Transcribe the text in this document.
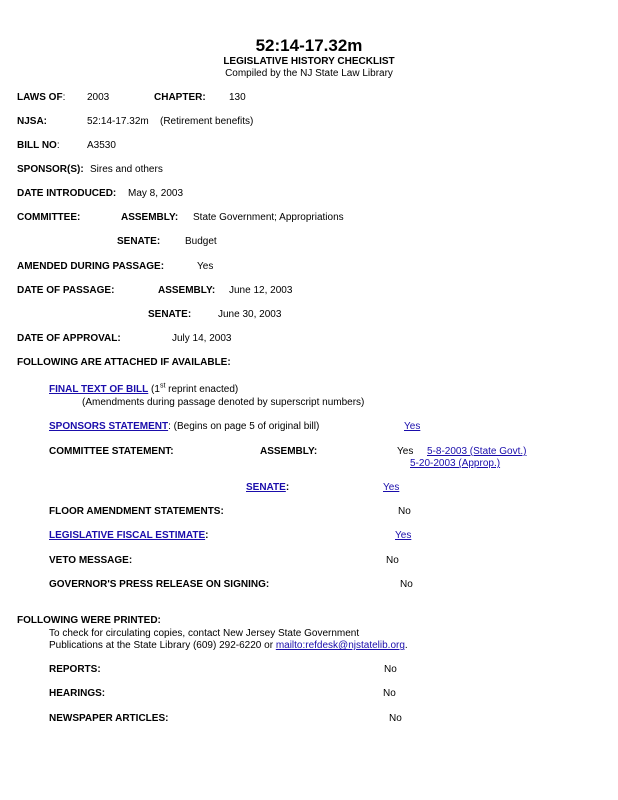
52:14-17.32m
LEGISLATIVE HISTORY CHECKLIST
Compiled by the NJ State Law Library
LAWS OF: 2003	CHAPTER: 130
NJSA:	52:14-17.32m (Retirement benefits)
BILL NO:	A3530
SPONSOR(S): Sires and others
DATE INTRODUCED: May 8, 2003
COMMITTEE:	ASSEMBLY: State Government; Appropriations
SENATE: Budget
AMENDED DURING PASSAGE:	Yes
DATE OF PASSAGE:	ASSEMBLY: June 12, 2003
SENATE:	June 30, 2003
DATE OF APPROVAL:	July 14, 2003
FOLLOWING ARE ATTACHED IF AVAILABLE:
FINAL TEXT OF BILL (1st reprint enacted)
(Amendments during passage denoted by superscript numbers)
SPONSORS STATEMENT: (Begins on page 5 of original bill)	Yes
COMMITTEE STATEMENT:	ASSEMBLY:	Yes 5-8-2003 (State Govt.)
5-20-2003 (Approp.)
SENATE:	Yes
FLOOR AMENDMENT STATEMENTS:	No
LEGISLATIVE FISCAL ESTIMATE:	Yes
VETO MESSAGE:	No
GOVERNOR'S PRESS RELEASE ON SIGNING:	No
FOLLOWING WERE PRINTED:
To check for circulating copies, contact New Jersey State Government
Publications at the State Library (609) 292-6220 or mailto:refdesk@njstatelib.org.
REPORTS:	No
HEARINGS:	No
NEWSPAPER ARTICLES:	No
